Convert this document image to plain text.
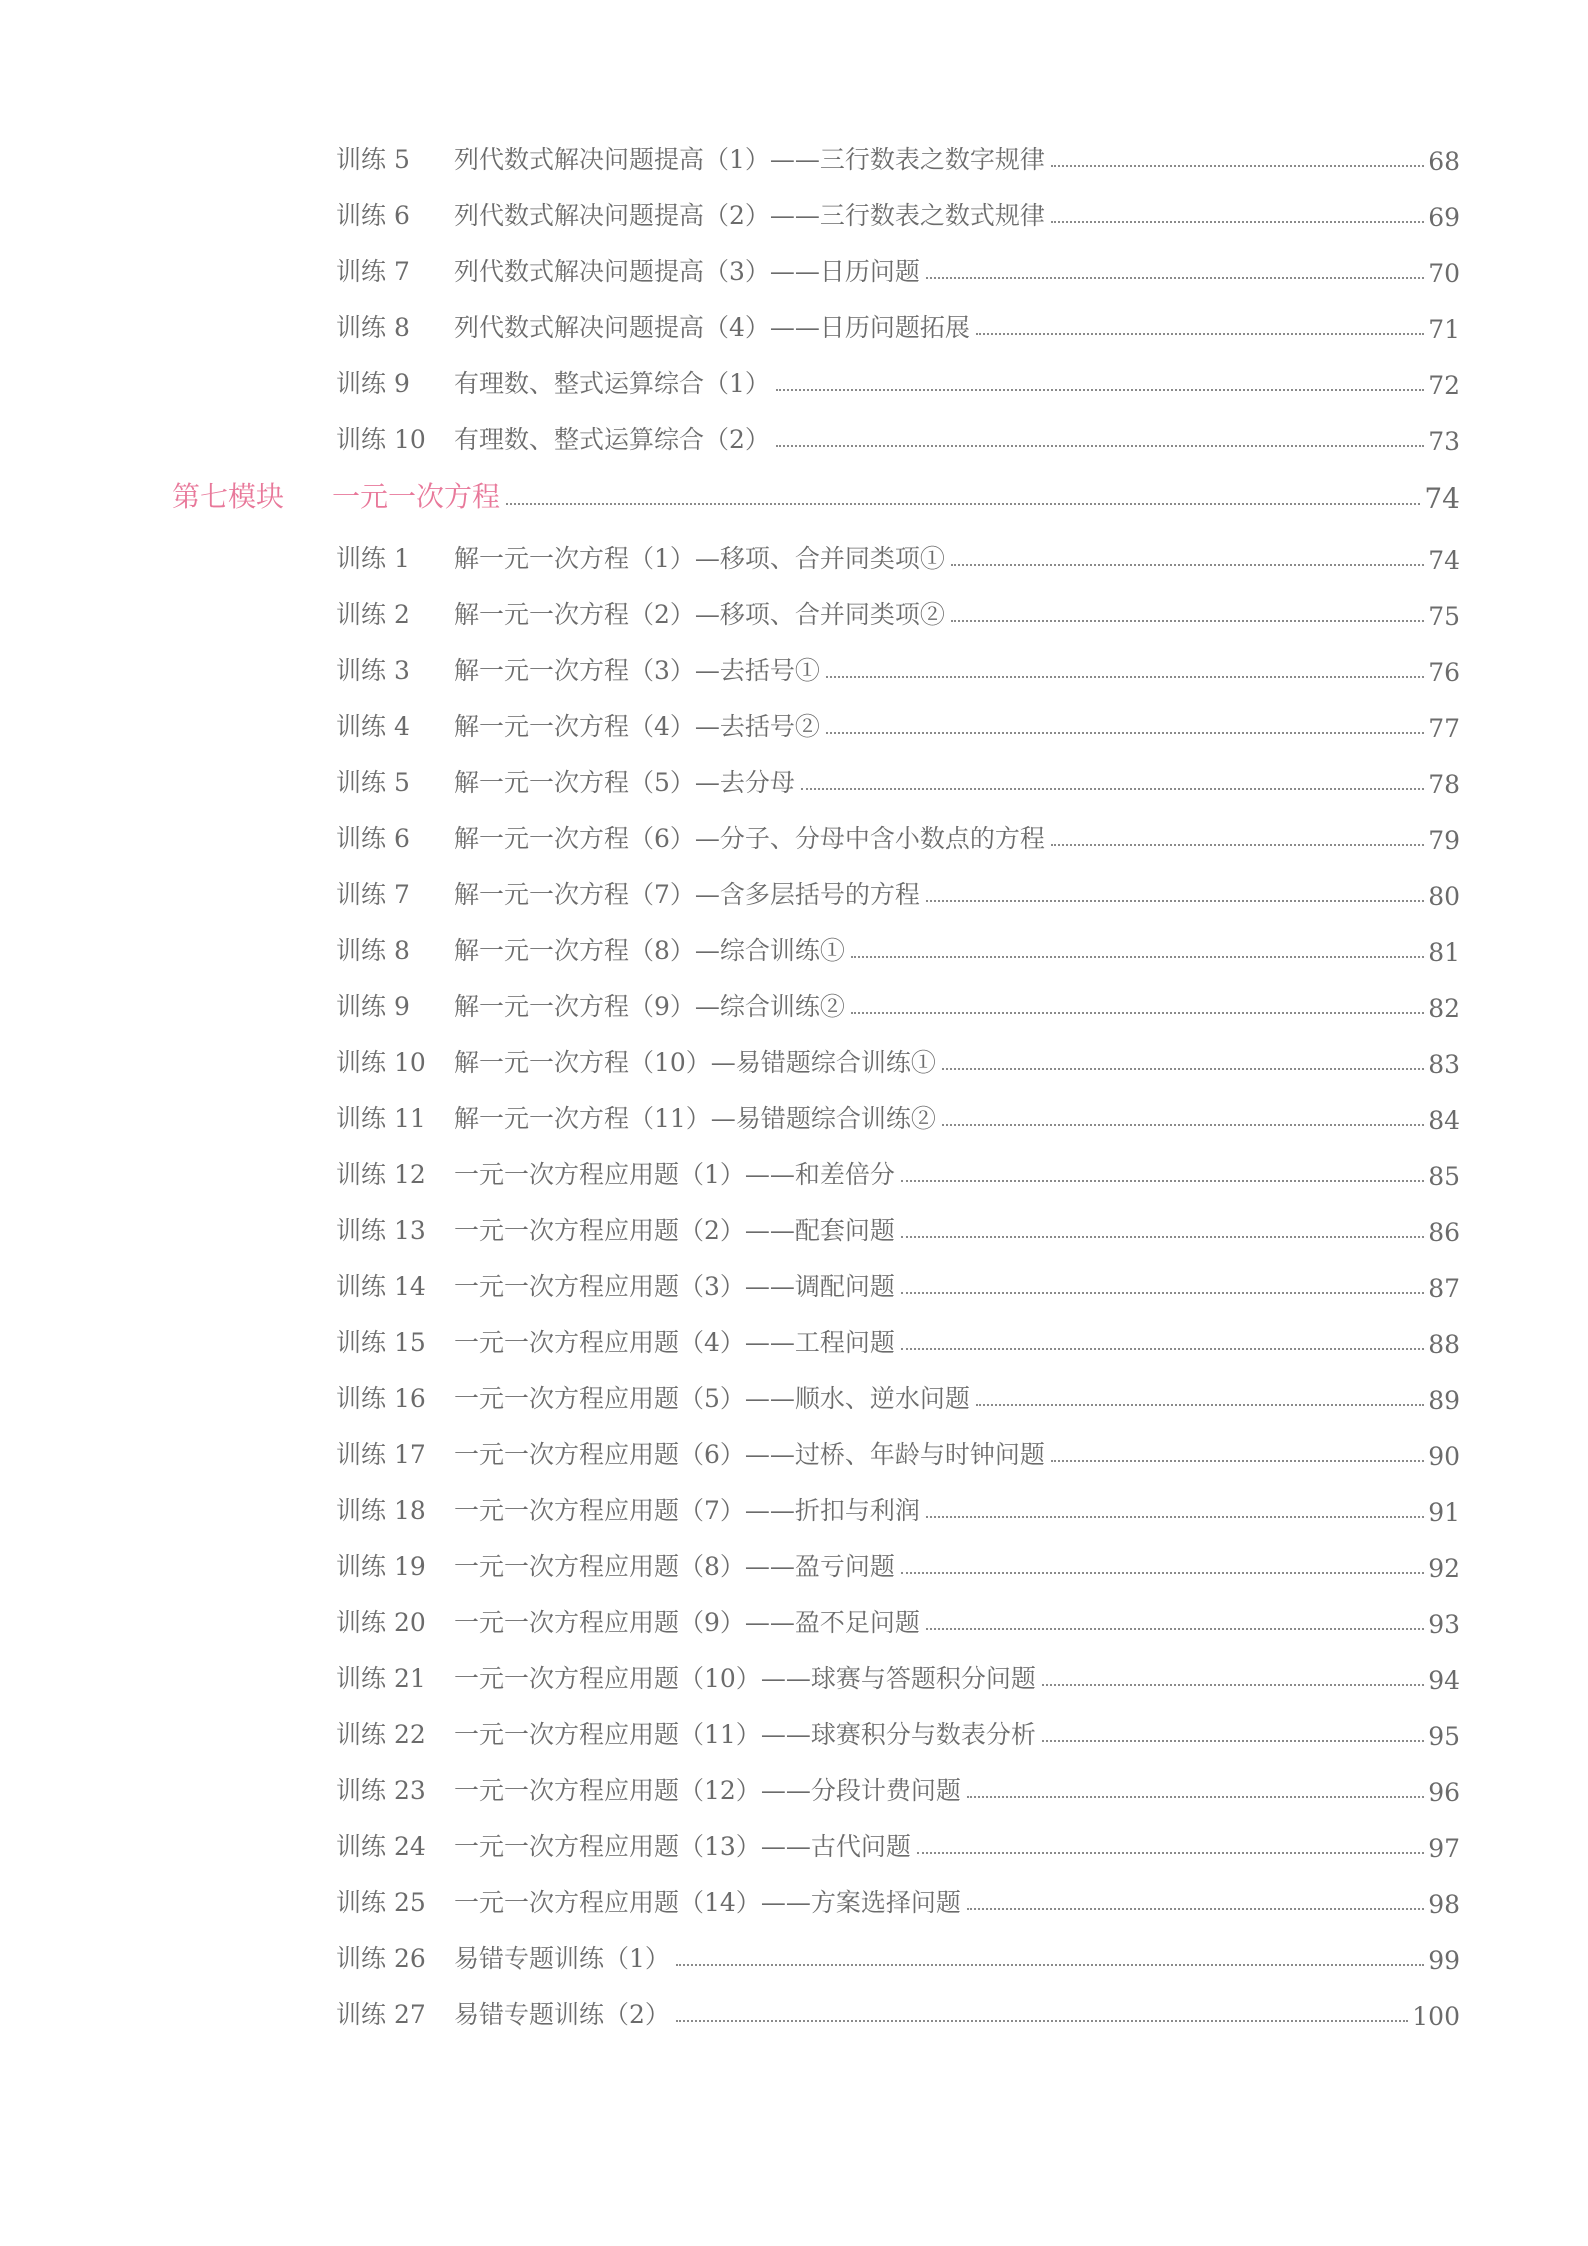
训练 5	列代数式解决问题提高（1）——三行数表之数字规律	68
训练 6	列代数式解决问题提高（2）——三行数表之数式规律	69
训练 7	列代数式解决问题提高（3）——日历问题	70
训练 8	列代数式解决问题提高（4）——日历问题拓展	71
训练 9	有理数、整式运算综合（1）	72
训练 10	有理数、整式运算综合（2）	73
第七模块	一元一次方程	74
训练 1	解一元一次方程（1）—移项、合并同类项①	74
训练 2	解一元一次方程（2）—移项、合并同类项②	75
训练 3	解一元一次方程（3）—去括号①	76
训练 4	解一元一次方程（4）—去括号②	77
训练 5	解一元一次方程（5）—去分母	78
训练 6	解一元一次方程（6）—分子、分母中含小数点的方程	79
训练 7	解一元一次方程（7）—含多层括号的方程	80
训练 8	解一元一次方程（8）—综合训练①	81
训练 9	解一元一次方程（9）—综合训练②	82
训练 10	解一元一次方程（10）—易错题综合训练①	83
训练 11	解一元一次方程（11）—易错题综合训练②	84
训练 12	一元一次方程应用题（1）——和差倍分	85
训练 13	一元一次方程应用题（2）——配套问题	86
训练 14	一元一次方程应用题（3）——调配问题	87
训练 15	一元一次方程应用题（4）——工程问题	88
训练 16	一元一次方程应用题（5）——顺水、逆水问题	89
训练 17	一元一次方程应用题（6）——过桥、年龄与时钟问题	90
训练 18	一元一次方程应用题（7）——折扣与利润	91
训练 19	一元一次方程应用题（8）——盈亏问题	92
训练 20	一元一次方程应用题（9）——盈不足问题	93
训练 21	一元一次方程应用题（10）——球赛与答题积分问题	94
训练 22	一元一次方程应用题（11）——球赛积分与数表分析	95
训练 23	一元一次方程应用题（12）——分段计费问题	96
训练 24	一元一次方程应用题（13）——古代问题	97
训练 25	一元一次方程应用题（14）——方案选择问题	98
训练 26	易错专题训练（1）	99
训练 27	易错专题训练（2）	100
